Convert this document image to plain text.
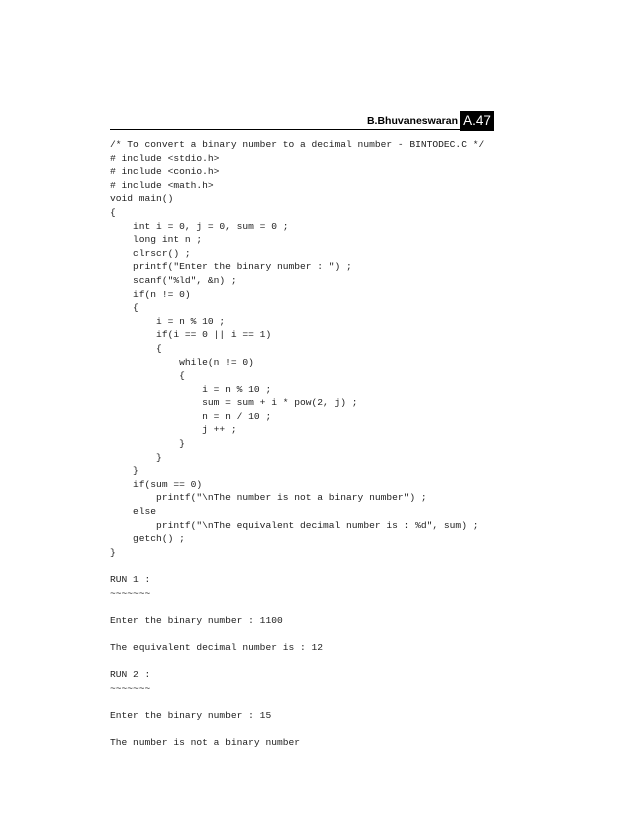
B.Bhuvaneswaran A.47
/* To convert a binary number to a decimal number - BINTODEC.C */
# include <stdio.h>
# include <conio.h>
# include <math.h>
void main()
{
int i = 0, j = 0, sum = 0 ;
long int n ;
clrscr() ;
printf("Enter the binary number : ") ;
scanf("%ld", &n) ;
if(n != 0)
{
i = n % 10 ;
if(i == 0 || i == 1)
{
while(n != 0)
{
i = n % 10 ;
sum = sum + i * pow(2, j) ;
n = n / 10 ;
j ++ ;
}
}
}
if(sum == 0)
printf("\nThe number is not a binary number") ;
else
printf("\nThe equivalent decimal number is : %d", sum) ;
getch() ;
}
RUN 1 :
~~~~~~~
Enter the binary number : 1100
The equivalent decimal number is : 12
RUN 2 :
~~~~~~~
Enter the binary number : 15
The number is not a binary number
